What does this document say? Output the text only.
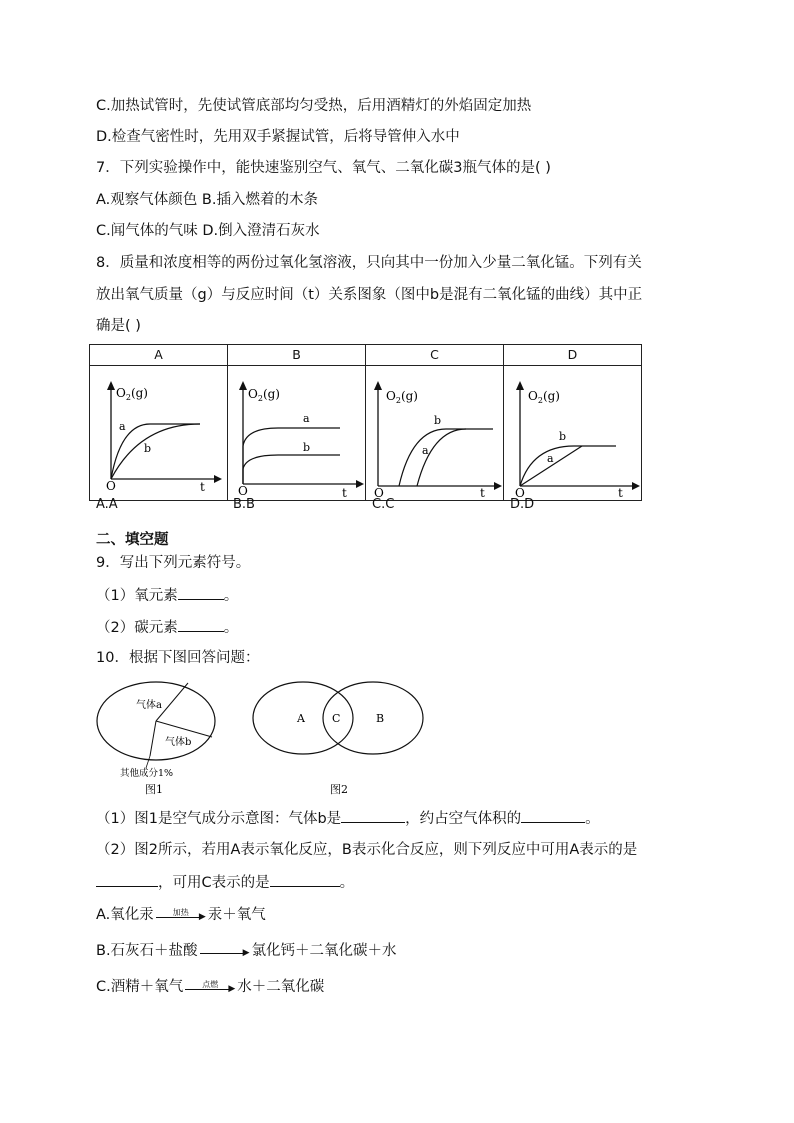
C.加热试管时，先使试管底部均匀受热，后用酒精灯的外焰固定加热
D.检查气密性时，先用双手紧握试管，后将导管伸入水中
7．下列实验操作中，能快速鉴别空气、氧气、二氧化碳3瓶气体的是( )
A.观察气体颜色 B.插入燃着的木条
C.闻气体的气味 D.倒入澄清石灰水
8．质量和浓度相等的两份过氧化氢溶液，只向其中一份加入少量二氧化锰。下列有关
放出氧气质量（g）与反应时间（t）关系图象（图中b是混有二氧化锰的曲线）其中正
确是( )
A	B	C	D

$O_2(g)$
O t
a
b	$O_2(g)$
O t
a
b	$O_2(g)$
O t
b
a	$O_2(g)$
O t
b
a
A.A	B.B	C.C	D.D
二、填空题
9．写出下列元素符号。
（1）氧元素	。
（2）碳元素	。
10．根据下图回答问题：
气体a
气体b
其他成分1%
图1
A C	B
图2
（1）图1是空气成分示意图：气体b是	，约占空气体积的	。
（2）图2所示，若用A表示氧化反应，B表示化合反应，则下列反应中可用A表示的是
，可用C表示的是	。
A.氧化汞	加热	▶ 汞＋氧气
B.石灰石＋盐酸	▶ 氯化钙＋二氧化碳＋水
C.酒精＋氧气	点燃	▶ 水＋二氧化碳
